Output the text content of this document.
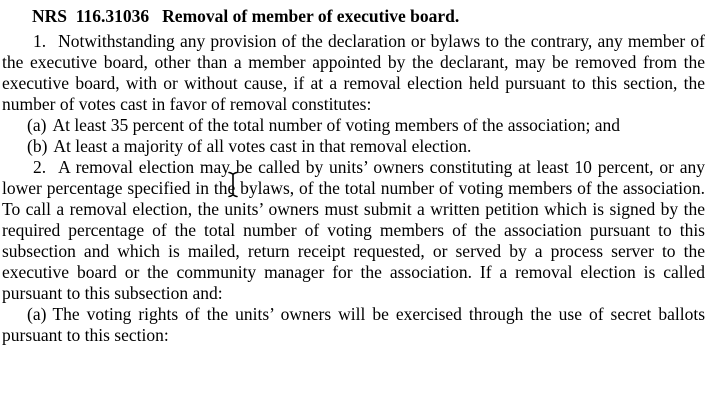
NRS  116.31036 Removal of member of executive board.

1. Notwithstanding any provision of the declaration or bylaws to the contrary, any member of the executive board, other than a member appointed by the declarant, may be removed from the executive board, with or without cause, if at a removal election held pursuant to this section, the number of votes cast in favor of removal constitutes:

(a) At least 35 percent of the total number of voting members of the association; and

(b) At least a majority of all votes cast in that removal election.

2. A removal election may be called by units’ owners constituting at least 10 percent, or any lower percentage specified in the bylaws, of the total number of voting members of the association. To call a removal election, the units’ owners must submit a written petition which is signed by the required percentage of the total number of voting members of the association pursuant to this subsection and which is mailed, return receipt requested, or served by a process server to the executive board or the community manager for the association. If a removal election is called pursuant to this subsection and:

(a) The voting rights of the units’ owners will be exercised through the use of secret ballots pursuant to this section:
